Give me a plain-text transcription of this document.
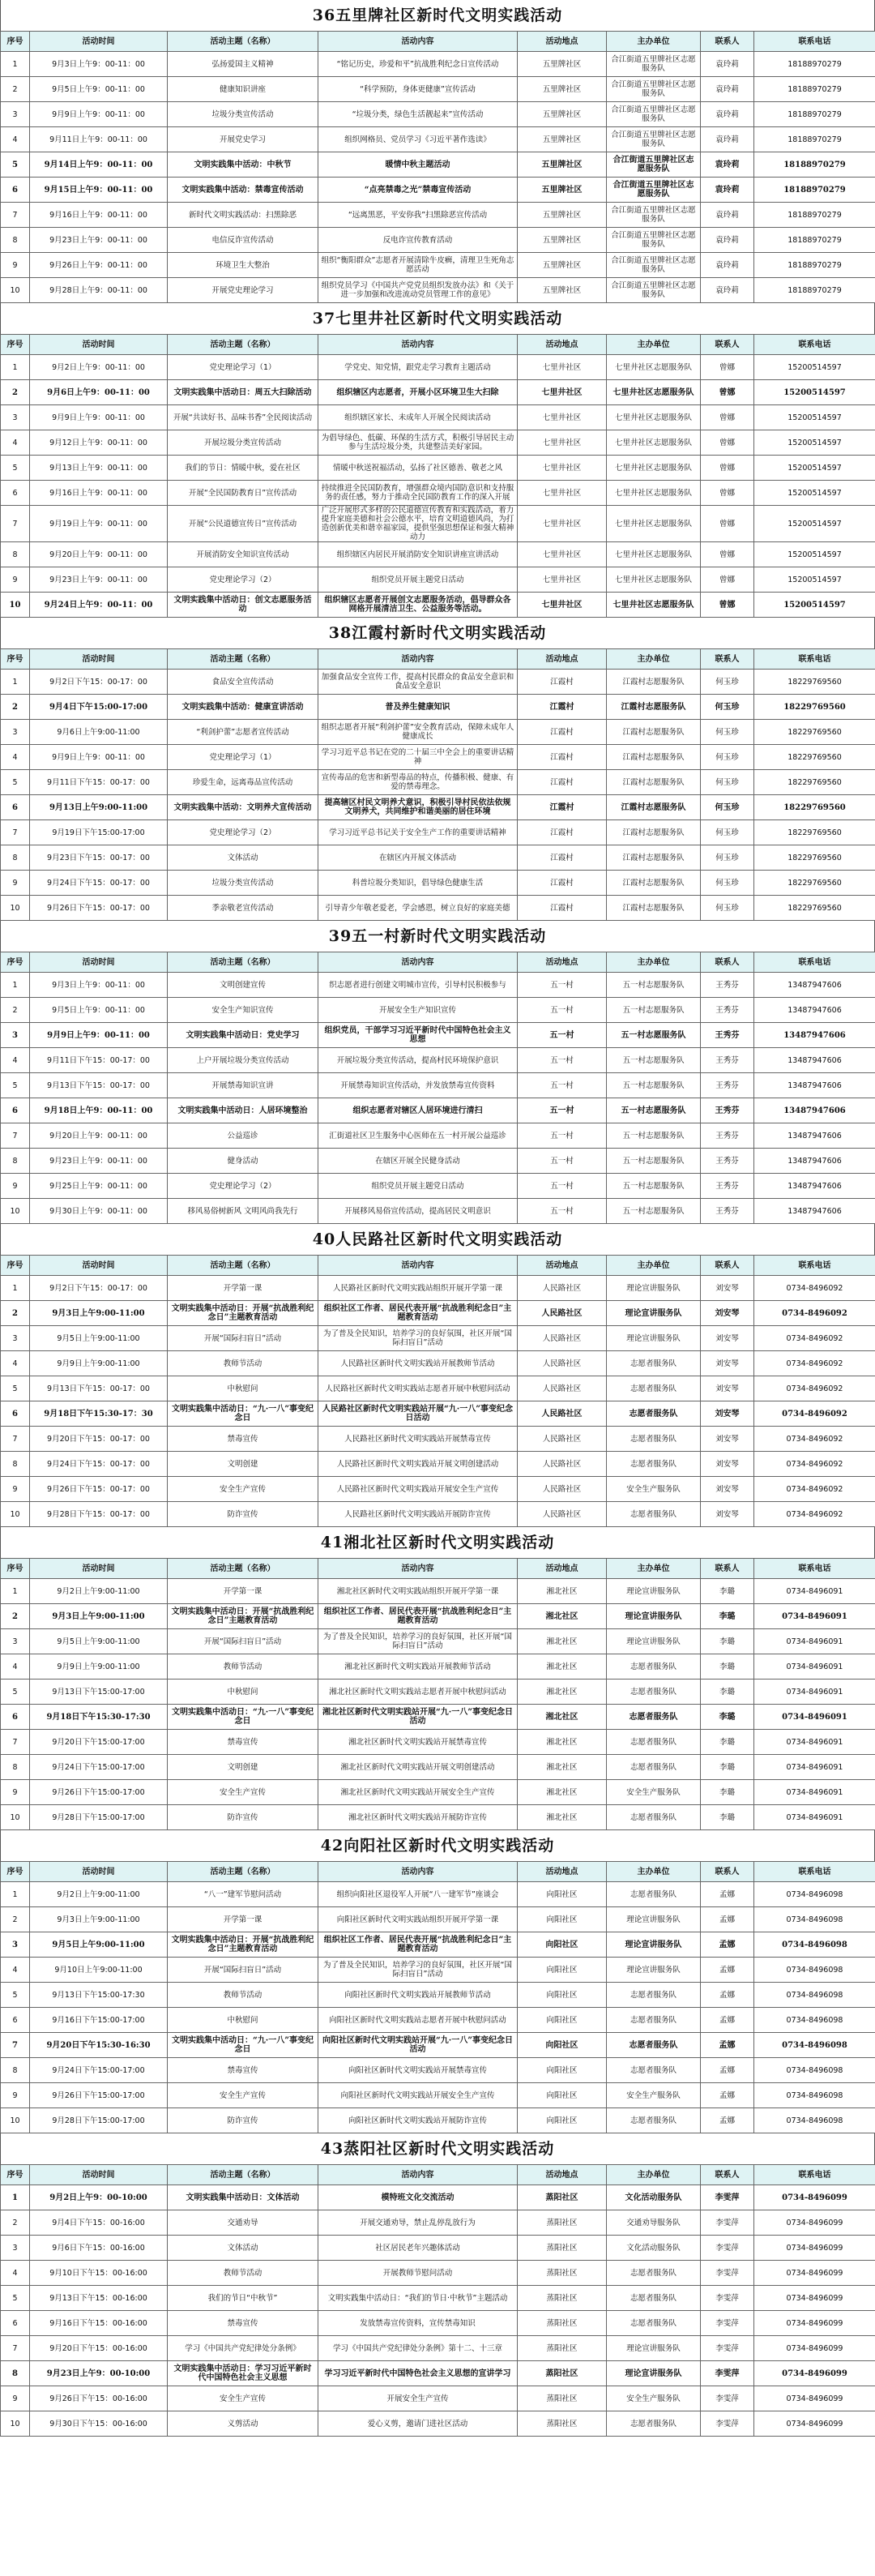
36五里牌社区新时代文明实践活动
序号	活动时间	活动主题（名称）	活动内容	活动地点	主办单位	联系人	联系电话
1	9月3日上午9：00-11：00	弘扬爱国主义精神	“铭记历史，珍爱和平”抗战胜利纪念日宣传活动	五里牌社区	合江街道五里牌社区志愿服务队	袁玲莉	18188970279
2	9月5日上午9：00-11：00	健康知识讲座	“科学预防，身体更健康”宣传活动	五里牌社区	合江街道五里牌社区志愿服务队	袁玲莉	18188970279
3	9月9日上午9：00-11：00	垃圾分类宣传活动	“垃圾分类，绿色生活靓起来”宣传活动	五里牌社区	合江街道五里牌社区志愿服务队	袁玲莉	18188970279
4	9月11日上午9：00-11：00	开展党史学习	组织网格员、党员学习《习近平著作选读》	五里牌社区	合江街道五里牌社区志愿服务队	袁玲莉	18188970279
5	9月14日上午9：00-11：00	文明实践集中活动：中秋节	暖情中秋主题活动	五里牌社区	合江街道五里牌社区志愿服务队	袁玲莉	18188970279
6	9月15日上午9：00-11：00	文明实践集中活动：禁毒宣传活动	“点亮禁毒之光”禁毒宣传活动	五里牌社区	合江街道五里牌社区志愿服务队	袁玲莉	18188970279
7	9月16日上午9：00-11：00	新时代文明实践活动：扫黑除恶	“远离黑恶，平安你我”扫黑除恶宣传活动	五里牌社区	合江街道五里牌社区志愿服务队	袁玲莉	18188970279
8	9月23日上午9：00-11：00	电信反诈宣传活动	反电诈宣传教育活动	五里牌社区	合江街道五里牌社区志愿服务队	袁玲莉	18188970279
9	9月26日上午9：00-11：00	环境卫生大整治	组织“衡阳群众”志愿者开展清除牛皮癣，清理卫生死角志愿活动	五里牌社区	合江街道五里牌社区志愿服务队	袁玲莉	18188970279
10	9月28日上午9：00-11：00	开展党史理论学习	组织党员学习《中国共产党党员组织发放办法》和《关于进一步加强和改进流动党员管理工作的意见》	五里牌社区	合江街道五里牌社区志愿服务队	袁玲莉	18188970279
37七里井社区新时代文明实践活动
序号	活动时间	活动主题（名称）	活动内容	活动地点	主办单位	联系人	联系电话
1	9月2日上午9：00-11：00	党史理论学习（1）	学党史、知党情，跟党走学习教育主题活动	七里井社区	七里井社区志愿服务队	曾娜	15200514597
2	9月6日上午9：00-11：00	文明实践集中活动日：周五大扫除活动	组织辖区内志愿者，开展小区环境卫生大扫除	七里井社区	七里井社区志愿服务队	曾娜	15200514597
3	9月9日上午9：00-11：00	开展“共读好书、品味书香”全民阅读活动	组织辖区家长、未成年人开展全民阅读活动	七里井社区	七里井社区志愿服务队	曾娜	15200514597
4	9月12日上午9：00-11：00	开展垃圾分类宣传活动	为倡导绿色、低碳、环保的生活方式，积极引导居民主动参与生活垃圾分类，共建整洁美好家园。	七里井社区	七里井社区志愿服务队	曾娜	15200514597
5	9月13日上午9：00-11：00	我们的节日：情暖中秋，爱在社区	情暖中秋送祝福活动，弘扬了社区德善、敬老之风	七里井社区	七里井社区志愿服务队	曾娜	15200514597
6	9月16日上午9：00-11：00	开展“全民国防教育日”宣传活动	持续推进全民国防教育，增强群众境内国防意识和支持服务的责任感，努力于推动全民国防教育工作的深入开展	七里井社区	七里井社区志愿服务队	曾娜	15200514597
7	9月19日上午9：00-11：00	开展“公民道德宣传日”宣传活动	广泛开展形式多样的公民道德宣传教育和实践活动，着力提升家庭美德和社会公德水平，培育文明道德风尚，为打造创新优美和谐幸福家园，提供坚强思想保证和强大精神动力	七里井社区	七里井社区志愿服务队	曾娜	15200514597
8	9月20日上午9：00-11：00	开展消防安全知识宣传活动	组织辖区内居民开展消防安全知识讲座宣讲活动	七里井社区	七里井社区志愿服务队	曾娜	15200514597
9	9月23日上午9：00-11：00	党史理论学习（2）	组织党员开展主题党日活动	七里井社区	七里井社区志愿服务队	曾娜	15200514597
10	9月24日上午9：00-11：00	文明实践集中活动日：创文志愿服务活动	组织辖区志愿者开展创文志愿服务活动，倡导群众各网格开展清洁卫生、公益服务等活动。	七里井社区	七里井社区志愿服务队	曾娜	15200514597
38江霞村新时代文明实践活动
序号	活动时间	活动主题（名称）	活动内容	活动地点	主办单位	联系人	联系电话
1	9月2日下午15：00-17：00	食品安全宣传活动	加强食品安全宣传工作，提高村民群众的食品安全意识和食品安全意识	江霞村	江霞村志愿服务队	何玉珍	18229769560
2	9月4日下午15:00-17:00	文明实践集中活动：健康宣讲活动	普及养生健康知识	江霞村	江霞村志愿服务队	何玉珍	18229769560
3	9月6日上午9:00-11:00	“利剑护蕾”志愿者宣传活动	组织志愿者开展“利剑护蕾”安全教育活动，保障未成年人健康成长	江霞村	江霞村志愿服务队	何玉珍	18229769560
4	9月9日上午9：00-11：00	党史理论学习（1）	学习习近平总书记在党的二十届三中全会上的重要讲话精神	江霞村	江霞村志愿服务队	何玉珍	18229769560
5	9月11日下午15：00-17：00	珍爱生命，远离毒品宣传活动	宣传毒品的危害和新型毒品的特点，传播积极、健康、有爱的禁毒理念。	江霞村	江霞村志愿服务队	何玉珍	18229769560
6	9月13日上午9:00-11:00	文明实践集中活动：文明养犬宣传活动	提高辖区村民文明养犬意识，积极引导村民依法依规文明养犬，共同维护和谐美丽的居住环境	江霞村	江霞村志愿服务队	何玉珍	18229769560
7	9月19日下午15:00-17:00	党史理论学习（2）	学习习近平总书记关于安全生产工作的重要讲话精神	江霞村	江霞村志愿服务队	何玉珍	18229769560
8	9月23日下午15：00-17：00	文体活动	在辖区内开展文体活动	江霞村	江霞村志愿服务队	何玉珍	18229769560
9	9月24日下午15：00-17：00	垃圾分类宣传活动	科普垃圾分类知识，倡导绿色健康生活	江霞村	江霞村志愿服务队	何玉珍	18229769560
10	9月26日下午15：00-17：00	季亲敬老宣传活动	引导青少年敬老爱老，学会感恩，树立良好的家庭美德	江霞村	江霞村志愿服务队	何玉珍	18229769560
39五一村新时代文明实践活动
序号	活动时间	活动主题（名称）	活动内容	活动地点	主办单位	联系人	联系电话
1	9月3日上午9：00-11：00	文明创建宣传	织志愿者进行创建文明城市宣传，引导村民积极参与	五一村	五一村志愿服务队	王秀芬	13487947606
2	9月5日上午9：00-11：00	安全生产知识宣传	开展安全生产知识宣传	五一村	五一村志愿服务队	王秀芬	13487947606
3	9月9日上午9：00-11：00	文明实践集中活动日：党史学习	组织党员，干部学习习近平新时代中国特色社会主义思想	五一村	五一村志愿服务队	王秀芬	13487947606
4	9月11日下午15：00-17：00	上户开展垃圾分类宣传活动	开展垃圾分类宣传活动，提高村民环境保护意识	五一村	五一村志愿服务队	王秀芬	13487947606
5	9月13日下午15：00-17：00	开展禁毒知识宣讲	开展禁毒知识宣传活动，并发放禁毒宣传资料	五一村	五一村志愿服务队	王秀芬	13487947606
6	9月18日上午9：00-11：00	文明实践集中活动日：人居环境整治	组织志愿者对辖区人居环境进行清扫	五一村	五一村志愿服务队	王秀芬	13487947606
7	9月20日上午9：00-11：00	公益巡诊	汇街道社区卫生服务中心医师在五一村开展公益巡诊	五一村	五一村志愿服务队	王秀芬	13487947606
8	9月23日上午9：00-11：00	健身活动	在辖区开展全民健身活动	五一村	五一村志愿服务队	王秀芬	13487947606
9	9月25日上午9：00-11：00	党史理论学习（2）	组织党员开展主题党日活动	五一村	五一村志愿服务队	王秀芬	13487947606
10	9月30日上午9：00-11：00	移风易俗树新风 文明风尚我先行	开展移风易俗宣传活动，提高居民文明意识	五一村	五一村志愿服务队	王秀芬	13487947606
40人民路社区新时代文明实践活动
序号	活动时间	活动主题（名称）	活动内容	活动地点	主办单位	联系人	联系电话
1	9月2日下午15：00-17：00	开学第一课	人民路社区新时代文明实践站组织开展开学第一课	人民路社区	理论宣讲服务队	刘安琴	0734-8496092
2	9月3日上午9:00-11:00	文明实践集中活动日：开展“抗战胜利纪念日”主题教育活动	组织社区工作者、居民代表开展“抗战胜利纪念日”主题教育活动	人民路社区	理论宣讲服务队	刘安琴	0734-8496092
3	9月5日上午9:00-11:00	开展“国际扫盲日”活动	为了普及全民知识，培养学习的良好氛围，社区开展“国际扫盲日”活动	人民路社区	理论宣讲服务队	刘安琴	0734-8496092
4	9月9日上午9:00-11:00	教师节活动	人民路社区新时代文明实践站开展教师节活动	人民路社区	志愿者服务队	刘安琴	0734-8496092
5	9月13日下午15：00-17：00	中秋慰问	人民路社区新时代文明实践站志愿者开展中秋慰问活动	人民路社区	志愿者服务队	刘安琴	0734-8496092
6	9月18日下午15:30-17：30	文明实践集中活动日：“九·一八”事变纪念日	人民路社区新时代文明实践站开展“九·一八”事变纪念日活动	人民路社区	志愿者服务队	刘安琴	0734-8496092
7	9月20日下午15：00-17：00	禁毒宣传	人民路社区新时代文明实践站开展禁毒宣传	人民路社区	志愿者服务队	刘安琴	0734-8496092
8	9月24日下午15：00-17：00	文明创建	人民路社区新时代文明实践站开展文明创建活动	人民路社区	志愿者服务队	刘安琴	0734-8496092
9	9月26日下午15：00-17：00	安全生产宣传	人民路社区新时代文明实践站开展安全生产宣传	人民路社区	安全生产服务队	刘安琴	0734-8496092
10	9月28日下午15：00-17：00	防诈宣传	人民路社区新时代文明实践站开展防诈宣传	人民路社区	志愿者服务队	刘安琴	0734-8496092
41湘北社区新时代文明实践活动
序号	活动时间	活动主题（名称）	活动内容	活动地点	主办单位	联系人	联系电话
1	9月2日上午9:00-11:00	开学第一课	湘北社区新时代文明实践站组织开展开学第一课	湘北社区	理论宣讲服务队	李璐	0734-8496091
2	9月3日上午9:00-11:00	文明实践集中活动日：开展“抗战胜利纪念日”主题教育活动	组织社区工作者、居民代表开展“抗战胜利纪念日”主题教育活动	湘北社区	理论宣讲服务队	李璐	0734-8496091
3	9月5日上午9:00-11:00	开展“国际扫盲日”活动	为了普及全民知识，培养学习的良好氛围，社区开展“国际扫盲日”活动	湘北社区	理论宣讲服务队	李璐	0734-8496091
4	9月9日上午9:00-11:00	教师节活动	湘北社区新时代文明实践站开展教师节活动	湘北社区	志愿者服务队	李璐	0734-8496091
5	9月13日下午15:00-17:00	中秋慰问	湘北社区新时代文明实践站志愿者开展中秋慰问活动	湘北社区	志愿者服务队	李璐	0734-8496091
6	9月18日下午15:30-17:30	文明实践集中活动日：“九·一八”事变纪念日	湘北社区新时代文明实践站开展“九·一八”事变纪念日活动	湘北社区	志愿者服务队	李璐	0734-8496091
7	9月20日下午15:00-17:00	禁毒宣传	湘北社区新时代文明实践站开展禁毒宣传	湘北社区	志愿者服务队	李璐	0734-8496091
8	9月24日下午15:00-17:00	文明创建	湘北社区新时代文明实践站开展文明创建活动	湘北社区	志愿者服务队	李璐	0734-8496091
9	9月26日下午15:00-17:00	安全生产宣传	湘北社区新时代文明实践站开展安全生产宣传	湘北社区	安全生产服务队	李璐	0734-8496091
10	9月28日下午15:00-17:00	防诈宣传	湘北社区新时代文明实践站开展防诈宣传	湘北社区	志愿者服务队	李璐	0734-8496091
42向阳社区新时代文明实践活动
序号	活动时间	活动主题（名称）	活动内容	活动地点	主办单位	联系人	联系电话
1	9月2日上午9:00-11:00	“八一”建军节慰问活动	组织向阳社区退役军人开展“八一建军节”座谈会	向阳社区	志愿者服务队	孟娜	0734-8496098
2	9月3日上午9:00-11:00	开学第一课	向阳社区新时代文明实践站组织开展开学第一课	向阳社区	理论宣讲服务队	孟娜	0734-8496098
3	9月5日上午9:00-11:00	文明实践集中活动日：开展“抗战胜利纪念日”主题教育活动	组织社区工作者、居民代表开展“抗战胜利纪念日”主题教育活动	向阳社区	理论宣讲服务队	孟娜	0734-8496098
4	9月10日上午9:00-11:00	开展“国际扫盲日”活动	为了普及全民知识，培养学习的良好氛围，社区开展“国际扫盲日”活动	向阳社区	理论宣讲服务队	孟娜	0734-8496098
5	9月13日下午15:00-17:30	教师节活动	向阳社区新时代文明实践站开展教师节活动	向阳社区	志愿者服务队	孟娜	0734-8496098
6	9月16日下午15:00-17:00	中秋慰问	向阳社区新时代文明实践站志愿者开展中秋慰问活动	向阳社区	志愿者服务队	孟娜	0734-8496098
7	9月20日下午15:30-16:30	文明实践集中活动日：“九·一八”事变纪念日	向阳社区新时代文明实践站开展“九·一八”事变纪念日活动	向阳社区	志愿者服务队	孟娜	0734-8496098
8	9月24日下午15:00-17:00	禁毒宣传	向阳社区新时代文明实践站开展禁毒宣传	向阳社区	志愿者服务队	孟娜	0734-8496098
9	9月26日下午15:00-17:00	安全生产宣传	向阳社区新时代文明实践站开展安全生产宣传	向阳社区	安全生产服务队	孟娜	0734-8496098
10	9月28日下午15:00-17:00	防诈宣传	向阳社区新时代文明实践站开展防诈宣传	向阳社区	志愿者服务队	孟娜	0734-8496098
43蒸阳社区新时代文明实践活动
序号	活动时间	活动主题（名称）	活动内容	活动地点	主办单位	联系人	联系电话
1	9月2日上午9：00-10:00	文明实践集中活动日：文体活动	模特班文化交流活动	蒸阳社区	文化活动服务队	李雯萍	0734-8496099
2	9月4日下午15：00-16:00	交通劝导	开展交通劝导，禁止乱停乱放行为	蒸阳社区	交通劝导服务队	李雯萍	0734-8496099
3	9月6日下午15：00-16:00	文体活动	社区居民老年兴趣体活动	蒸阳社区	文化活动服务队	李雯萍	0734-8496099
4	9月10日下午15：00-16:00	教师节活动	开展教师节慰问活动	蒸阳社区	志愿者服务队	李雯萍	0734-8496099
5	9月13日下午15：00-16:00	我们的节日“中秋节”	文明实践集中活动日：“我们的节日·中秋节”主题活动	蒸阳社区	志愿者服务队	李雯萍	0734-8496099
6	9月16日下午15：00-16:00	禁毒宣传	发放禁毒宣传资料，宣传禁毒知识	蒸阳社区	志愿者服务队	李雯萍	0734-8496099
7	9月20日下午15：00-16:00	学习《中国共产党纪律处分条例》	学习《中国共产党纪律处分条例》第十二、十三章	蒸阳社区	理论宣讲服务队	李雯萍	0734-8496099
8	9月23日上午9：00-10:00	文明实践集中活动日：学习习近平新时代中国特色社会主义思想	学习习近平新时代中国特色社会主义思想的宣讲学习	蒸阳社区	理论宣讲服务队	李雯萍	0734-8496099
9	9月26日下午15：00-16:00	安全生产宣传	开展安全生产宣传	蒸阳社区	安全生产服务队	李雯萍	0734-8496099
10	9月30日下午15：00-16:00	义剪活动	爱心义剪，邀请门进社区活动	蒸阳社区	志愿者服务队	李雯萍	0734-8496099
